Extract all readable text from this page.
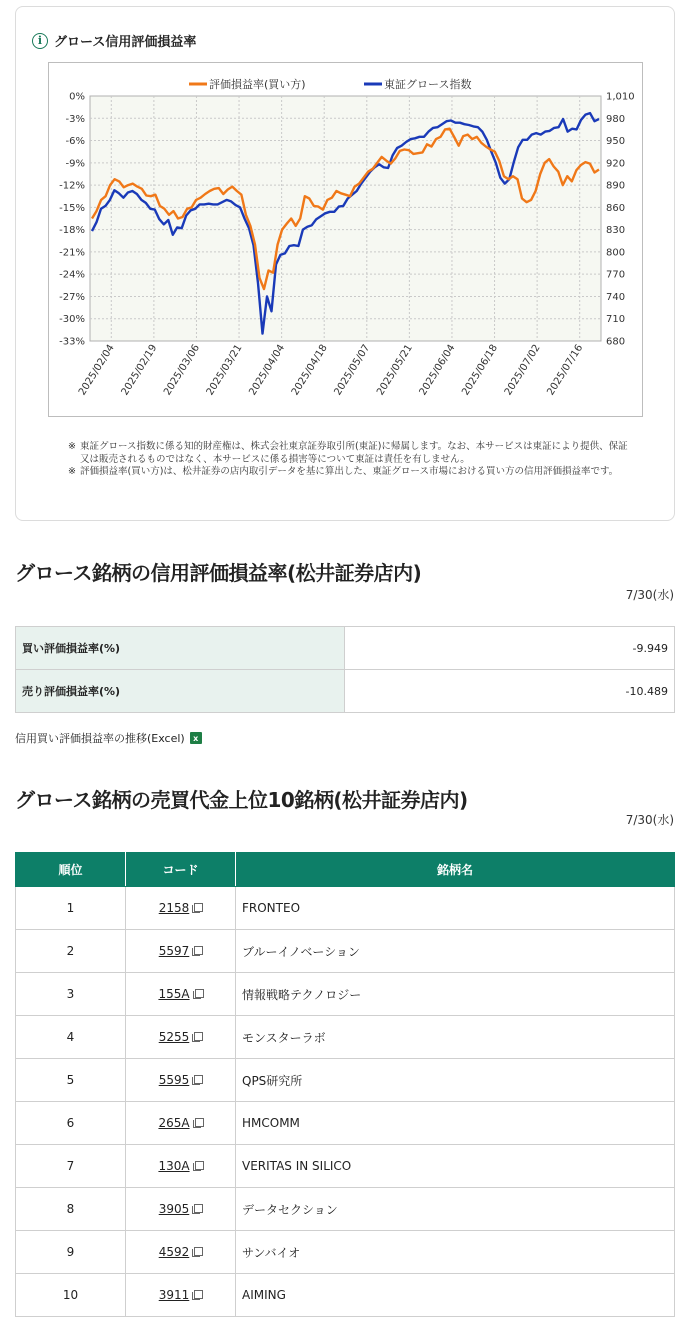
i グロース信用評価損益率
0%	1,010
-3%	980
-6%	950
-9%	920
-12%	890
-15%	860
-18%	830
-21%	800
-24%	770
-27%	740
-30%	710
-33%	680
2025/02/04 2025/02/19 2025/03/06 2025/03/21 2025/04/04 2025/04/18 2025/05/07 2025/05/21 2025/06/04 2025/06/18 2025/07/02 2025/07/16
評価損益率(買い方)	東証グロース指数
※ 東証グロース指数に係る知的財産権は、株式会社東京証券取引所(東証)に帰属します。なお、本サービスは東証により提供、保証又は販売されるものではなく、本サービスに係る損害等について東証は責任を有しません。
※ 評価損益率(買い方)は、松井証券の店内取引データを基に算出した、東証グロース市場における買い方の信用評価損益率です。
グロース銘柄の信用評価損益率(松井証券店内)
7/30(水)
買い評価損益率(%)	-9.949
売り評価損益率(%)	-10.489
信用買い評価損益率の推移(Excel)	x
グロース銘柄の売買代金上位10銘柄(松井証券店内)
7/30(水)
順位	コード	銘柄名
1	2158	FRONTEO
2	5597	ブルーイノベーション
3	155A	情報戦略テクノロジー
4	5255	モンスターラボ
5	5595	QPS研究所
6	265A	HMCOMM
7	130A	VERITAS IN SILICO
8	3905	データセクション
9	4592	サンバイオ
10	3911	AIMING
